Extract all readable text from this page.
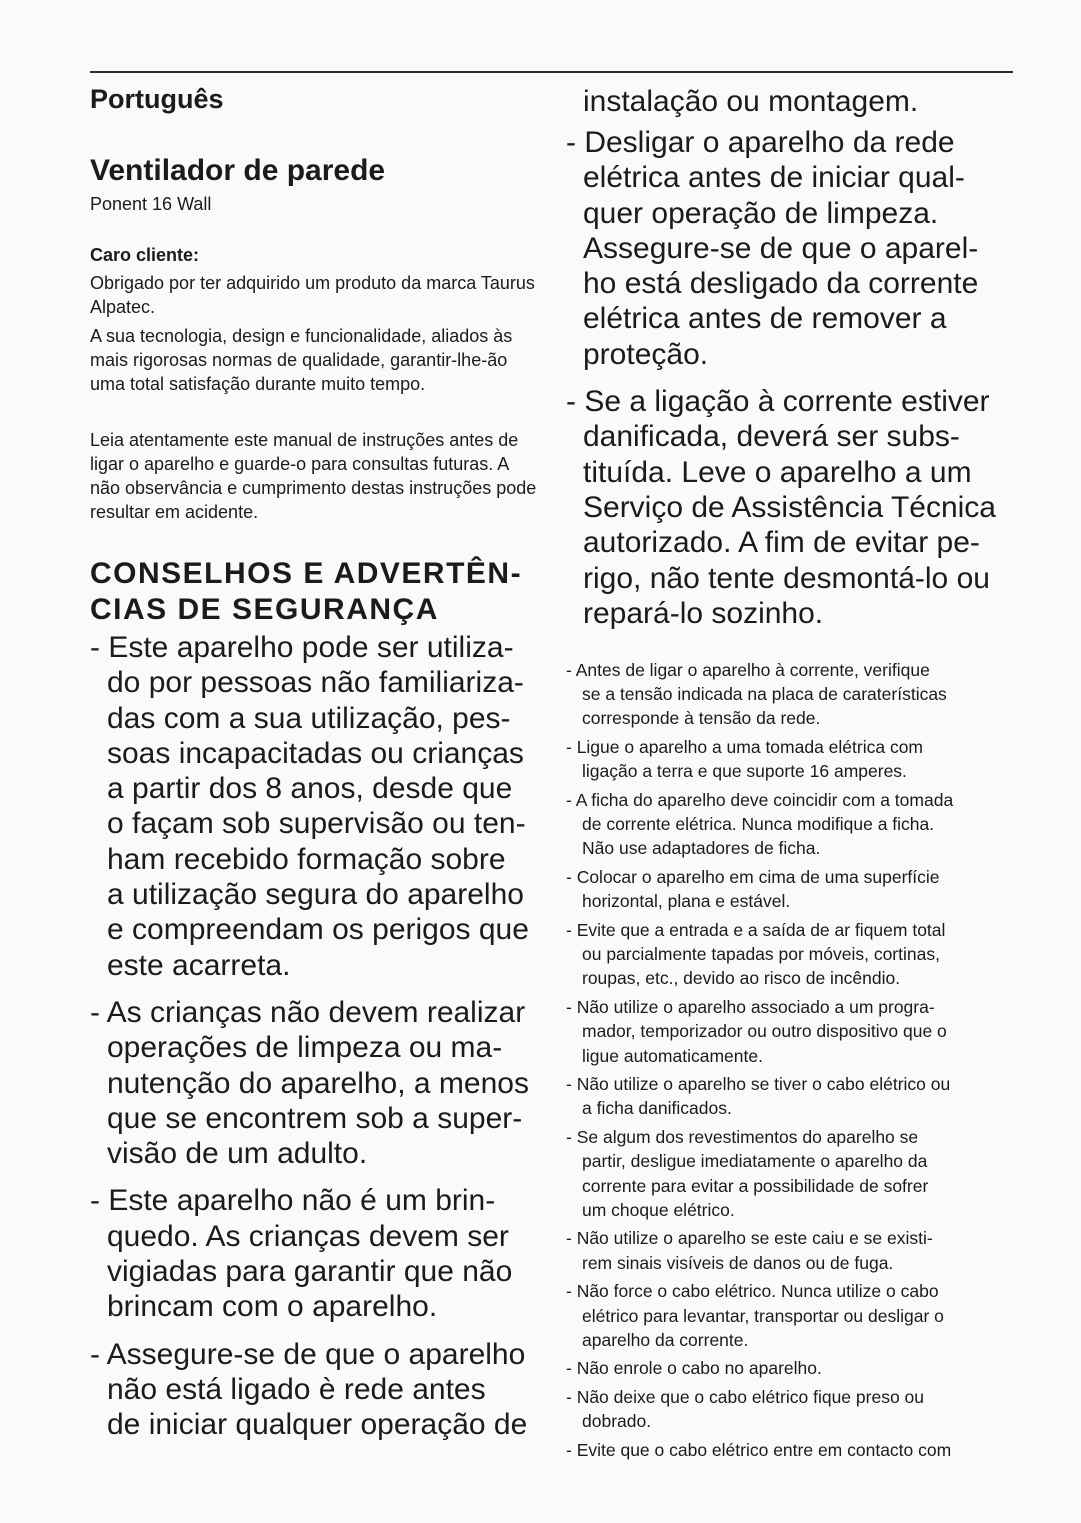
Português
Ventilador de parede
Ponent 16 Wall
Caro cliente:

Obrigado por ter adquirido um produto da marca Taurus Alpatec.

A sua tecnologia, design e funcionalidade, aliados às mais rigorosas normas de qualidade, garantir-lhe-ão uma total satisfação durante muito tempo.

Leia atentamente este manual de instruções antes de ligar o aparelho e guarde-o para consultas futuras. A não observância e cumprimento destas instruções pode resultar em acidente.

CONSELHOS E ADVERTÊN-
CIAS DE SEGURANÇA
- Este aparelho pode ser utiliza-
do por pessoas não familiariza-
das com a sua utilização, pes-
soas incapacitadas ou crianças
a partir dos 8 anos, desde que
o façam sob supervisão ou ten-
ham recebido formação sobre
a utilização segura do aparelho
e compreendam os perigos que
este acarreta.
- As crianças não devem realizar
operações de limpeza ou ma-
nutenção do aparelho, a menos
que se encontrem sob a super-
visão de um adulto.
- Este aparelho não é um brin-
quedo. As crianças devem ser
vigiadas para garantir que não
brincam com o aparelho.
- Assegure-se de que o aparelho
não está ligado è rede antes
de iniciar qualquer operação de
instalação ou montagem.
- Desligar o aparelho da rede
elétrica antes de iniciar qual-
quer operação de limpeza.
Assegure-se de que o aparel-
ho está desligado da corrente
elétrica antes de remover a
proteção.
- Se a ligação à corrente estiver
danificada, deverá ser subs-
tituída. Leve o aparelho a um
Serviço de Assistência Técnica
autorizado. A fim de evitar pe-
rigo, não tente desmontá-lo ou
repará-lo sozinho.
- Antes de ligar o aparelho à corrente, verifique
se a tensão indicada na placa de caraterísticas
corresponde à tensão da rede.
- Ligue o aparelho a uma tomada elétrica com
ligação a terra e que suporte 16 amperes.
- A ficha do aparelho deve coincidir com a tomada
de corrente elétrica. Nunca modifique a ficha.
Não use adaptadores de ficha.
- Colocar o aparelho em cima de uma superfície
horizontal, plana e estável.
- Evite que a entrada e a saída de ar fiquem total
ou parcialmente tapadas por móveis, cortinas,
roupas, etc., devido ao risco de incêndio.
- Não utilize o aparelho associado a um progra-
mador, temporizador ou outro dispositivo que o
ligue automaticamente.
- Não utilize o aparelho se tiver o cabo elétrico ou
a ficha danificados.
- Se algum dos revestimentos do aparelho se
partir, desligue imediatamente o aparelho da
corrente para evitar a possibilidade de sofrer
um choque elétrico.
- Não utilize o aparelho se este caiu e se existi-
rem sinais visíveis de danos ou de fuga.
- Não force o cabo elétrico. Nunca utilize o cabo
elétrico para levantar, transportar ou desligar o
aparelho da corrente.
- Não enrole o cabo no aparelho.
- Não deixe que o cabo elétrico fique preso ou
dobrado.
- Evite que o cabo elétrico entre em contacto com
